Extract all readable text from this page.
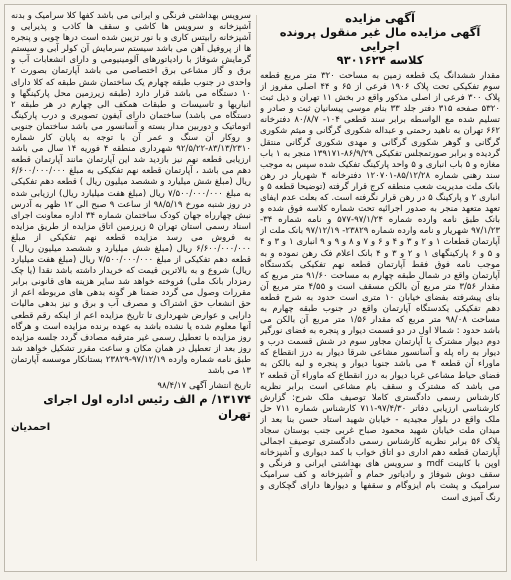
آگهی مزایده
آگهی مزایده مال غیر منقول پرونده اجرایی
کلاسه ۹۳۰۱۶۲۴

مقدار ششدانگ یک قطعه زمین به مساحت ۳۲۰ متر مربع قطعه سوم تفکیکی تحت پلاک ۱۹۰۶ فرعی از ۶۵ و ۴۴ اصلی مفروز از پلاک ۳۰۰ فرعی از اصلی مذکور واقع در بخش ۱۱ تهران و ذیل ثبت ۵۳۲۰ صفحه ۳۱۵ دفتر جلد ۳۳ بنام موسی پیسانیان ثبت و صادر و تسلیم شده مع الواسطه برابر سند قطعی ۱۰۴- ۸۰/۸/۷ دفترخانه ۶۶۲ تهران به ناهید رحمتی و عبداله شکوری گرگانی و میثم شکوری گرگانی و گوهر شکوری گرگانی و مهدی شکوری گرگانی منتقل گردیده و برابر صورتمجلس تفکیکی ۸۶/۹/۲۹-۱۳۹۱۷۱ منجر به ۱ باب مغازه و ۵ باب انباری و ۵ واحد پارکینگ تفکیک شده سپس به موجب سند رهنی شماره ۸۵/۱۲/۲۸-۱۲۰۷۰۱ دفترخانه ۴ شهریار در رهن بانک ملت مدیریت شعب منطقه کرج قرار گرفته (توضیحا قطعه ۵ و انباری ۲ و پارکینگ ۵ در رهن قرار نگرفته است. که بعلت عدم ایفای تعهد متعهد منجر به صدور اجرائیه تحت شماره کلاسه فوق شده و بانک طبق نامه وارده شماره ۹۷/۱/۲۴-۵۷۷ و نامه شماره ۳۴- ۹۷/۱/۲۳ شهریار و نامه وارده شماره ۲۳۸۲۹- ۹۷/۱۲/۱۹ بانک ملت از آپارتمان قطعات ۱ و ۲ و ۳ و ۴ و ۶ و ۷ و ۸ و ۹ و ۹ انباری ۱ و ۳ و ۴ و ۵ و ۶ پارکینگهای ۱ و ۲ و ۳ و ۴ بانک اعلام فک رهن نموده و به موجب نامه فوق فقط آپارتمان قطعه نهم تفکیکی بکدستگاه آپارتمان واقع در شمال طبقه چهارم به مساحت ۹۱/۶۰ متر مربع که مقدار ۳/۵۶ متر مربع آن بالکن مسقف است و ۴/۵۵ متر مربع آن بنای پیشرفته بفضای خیابان ۱۰ متری است حدود به شرح قطعه دهم تفکیکی یکدستگاه آپارتمان واقع در جنوب طبقه چهارم به مساحت ۹۸/۰۸ متر مربع که مقدار ۱/۵۶ متر مربع آن بالکن می باشد حدود : شمالا اول در دو قسمت دیوار و پنجره به فضای نورگیر دوم دیوار مشترک با آپارتمان مجاور سوم در شش قسمت درب و دیوار به راه پله و آسانسور مشاعی شرقا دیوار به درز انقطاع که ماوراء آن قطعه ۴ می باشد جنوبا دیوار و پنجره و لبه بالکن به فضای حیاط مشاعی غربا دیوار به درز انقطاع که ماوراء آن قطعه ۲ می باشد که مشترک و سقف بام مشاعی است برابر نظریه کارشناس رسمی دادگستری کاملا توصیف ملک شرح: گزارش کارشناسی ارزیابی دفاتر ۹۷/۴/۳۰-۷۱۱ کارشناس شماره ۷۱۱ حل ملک واقع در بلوار مجیدیه - خیابان شهید استاد حسن بنا بعد از میدان ملت خیابان شهید محمود صباح غربی جنب بوستان سجاد پلاک ۵۶ برابر نظریه کارشناس رسمی دادگستری توصیف اجمالی آپارتمان قطعه دهم اداری دو اتاق خواب با کمد دیواری و آشپزخانه اوپن با کابینت mdf و سرویس های بهداشتی ایرانی و فرنگی و سقف دوش شوفاژ و رادیاتور حمام و آشپزخانه و کف سرامیک سرامیک و پشت بام ایزوگام و سقفها و دیوارها دارای گچکاری و رنگ آمیزی است

سرویس بهداشتی فرنگی و ایرانی می باشد کفها کلا سرامیک و بدنه آشپزخانه و سرویس ها کاشی و سقف ها کاذب و پذیرایی و آشپزخانه رابیتس کاری و با نور تزیین شده است درها چوبی و پنجره ها از پروفیل آهن می باشد سیستم سرمایش آن کولر آبی و سیستم گرمایش شوفاژ با رادیاتورهای آلومینیومی و دارای انشعابات آب و برق و گاز مشاعی برق اختصاصی می باشد آپارتمان بصورت ۲ واحدی در جنوب طبقه چهارم یک ساختمان شش طبقه که کلا دارای ۱۰ دستگاه می باشد قرار دارد (طبقه زیرزمین محل پارکینگها و انباریها و تاسیسات و طبقات همکف الی چهارم در هر طبقه ۲ دستگاه می باشد) ساختمان دارای آیفون تصویری و درب پارکینگ اتوماتیک و دوربین مدار بسته و آسانسور می باشد ساختمان جنوبی و روکار آن سنگ و عمر آن با توجه به پایان کار شماره ۸۳/۱۳/۲۳۱۰-۹۲/۵/۲۲ شهرداری منطقه ۴ فوریه ۱۴ سال می باشد ارزیابی قطعه نهم نیز بازدید شد این آپارتمان مانند آپارتمان قطعه دهم می باشد ، آپارتمان قطعه نهم تفکیکی به مبلغ ۶/۶۰۰/۰۰۰/۰۰۰ ریال (مبلغ شش میلیارد و ششصد میلیون ریال ) قطعه دهم تفکیکی به مبلغ ۷/۵۰۰/۰۰۰/۰۰۰ ریال (مبلغ هفت میلیارد ریال) ارزیابی شده در روز شنبه مورخ ۹۸/۵/۱۹ از ساعت ۹ صبح الی ۱۲ ظهر به آدرس نبش چهارراه جهان کودک ساختمان شماره ۳۴ اداره معاونت اجرای اسناد رسمی استان تهران ۵ زیرزمین اتاق مزایده از طریق مزایده به فروش می رسد مزایده قطعه نهم تفکیکی از مبلغ ۶/۶۰۰/۰۰۰/۰۰۰ ریال (مبلغ شش میلیارد و ششصد میلیون ریال ) قطعه دهم تفکیکی از مبلغ ۷/۵۰۰/۰۰۰/۰۰۰ ریال (مبلغ هفت میلیارد ریال) شروع و به بالاترین قیمت که خریدار داشته باشد نقدا (یا چک رمزدار بانک ملی) فروخته خواهد شد سایر هزینه های قانونی برابر مقررات وصول می گردد ضمنا هر گونه بدهی های مربوطه اعم از حق انشعاب حق اشتراک و مصرف آب و برق و نیز بدهی مالیات دارایی و عوارض شهرداری تا تاریخ مزایده اعم از اینکه رقم قطعی آنها معلوم شده یا نشده باشد به عهده برنده مزایده است و هرگاه روز مزایده با تعطیل رسمی غیر مترقبه مصادف گردد جلسه مزایده روز بعد از تعطیل در همان مکان و ساعت مقرر تشکیل خواهد شد طبق نامه شماره وارده ۹۷/۱۲/۱۹-۲۳۸۲۹ بستانکار موسسه آپارتمان ۱۳ می باشد

تاریخ انتشار آگهی ۹۸/۴/۱۷
۱۳۱۷۴/ م الف رئیس اداره اول اجرای تهران
احمدیان
